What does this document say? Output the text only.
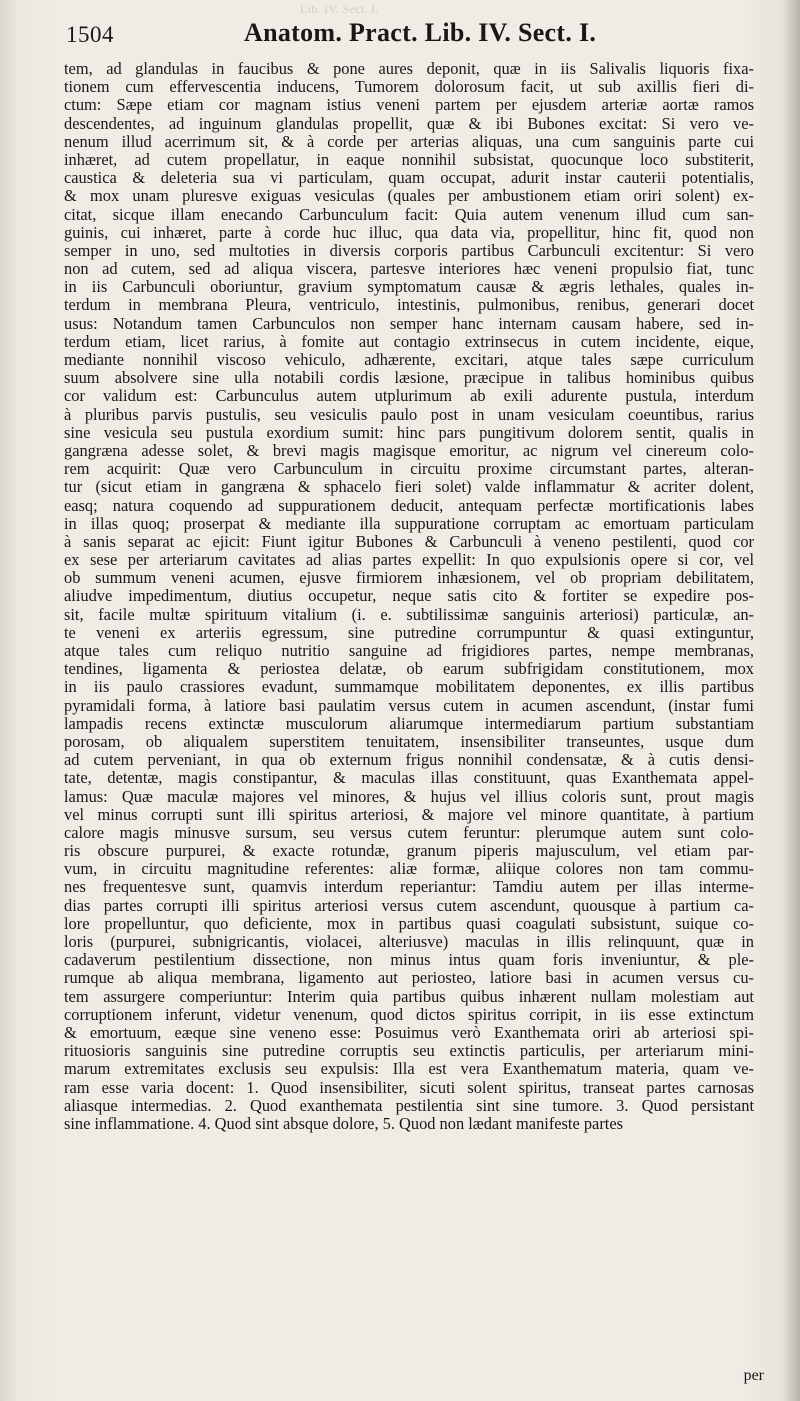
Lib. IV. Sect. I.
1504	Anatom. Pract. Lib. IV. Sect. I.
tem, ad glandulas in faucibus & pone aures deponit, quæ in iis Salivalis liquoris fixa-
tionem cum effervescentia inducens, Tumorem dolorosum facit, ut sub axillis fieri di-
ctum: Sæpe etiam cor magnam istius veneni partem per ejusdem arteriæ aortæ ramos
descendentes, ad inguinum glandulas propellit, quæ & ibi Bubones excitat: Si vero ve-
nenum illud acerrimum sit, & à corde per arterias aliquas, una cum sanguinis parte cui
inhæret, ad cutem propellatur, in eaque nonnihil subsistat, quocunque loco substiterit,
caustica & deleteria sua vi particulam, quam occupat, adurit instar cauterii potentialis,
& mox unam pluresve exiguas vesiculas (quales per ambustionem etiam oriri solent) ex-
citat, sicque illam enecando Carbunculum facit: Quia autem venenum illud cum san-
guinis, cui inhæret, parte à corde huc illuc, qua data via, propellitur, hinc fit, quod non
semper in uno, sed multoties in diversis corporis partibus Carbunculi excitentur: Si vero
non ad cutem, sed ad aliqua viscera, partesve interiores hæc veneni propulsio fiat, tunc
in iis Carbunculi oboriuntur, gravium symptomatum causæ & ægris lethales, quales in-
terdum in membrana Pleura, ventriculo, intestinis, pulmonibus, renibus, generari docet
usus: Notandum tamen Carbunculos non semper hanc internam causam habere, sed in-
terdum etiam, licet rarius, à fomite aut contagio extrinsecus in cutem incidente, eique,
mediante nonnihil viscoso vehiculo, adhærente, excitari, atque tales sæpe curriculum
suum absolvere sine ulla notabili cordis læsione, præcipue in talibus hominibus quibus
cor validum est: Carbunculus autem utplurimum ab exili adurente pustula, interdum
à pluribus parvis pustulis, seu vesiculis paulo post in unam vesiculam coeuntibus, rarius
sine vesicula seu pustula exordium sumit: hinc pars pungitivum dolorem sentit, qualis in
gangræna adesse solet, & brevi magis magisque emoritur, ac nigrum vel cinereum colo-
rem acquirit: Quæ vero Carbunculum in circuitu proxime circumstant partes, alteran-
tur (sicut etiam in gangræna & sphacelo fieri solet) valde inflammatur & acriter dolent,
easq; natura coquendo ad suppurationem deducit, antequam perfectæ mortificationis labes
in illas quoq; proserpat & mediante illa suppuratione corruptam ac emortuam particulam
à sanis separat ac ejicit: Fiunt igitur Bubones & Carbunculi à veneno pestilenti, quod cor
ex sese per arteriarum cavitates ad alias partes expellit: In quo expulsionis opere si cor, vel
ob summum veneni acumen, ejusve firmiorem inhæsionem, vel ob propriam debilitatem,
aliudve impedimentum, diutius occupetur, neque satis cito & fortiter se expedire pos-
sit, facile multæ spirituum vitalium (i. e. subtilissimæ sanguinis arteriosi) particulæ, an-
te veneni ex arteriis egressum, sine putredine corrumpuntur & quasi extinguntur,
atque tales cum reliquo nutritio sanguine ad frigidiores partes, nempe membranas,
tendines, ligamenta & periostea delatæ, ob earum subfrigidam constitutionem, mox
in iis paulo crassiores evadunt, summamque mobilitatem deponentes, ex illis partibus
pyramidali forma, à latiore basi paulatim versus cutem in acumen ascendunt, (instar fumi
lampadis recens extinctæ musculorum aliarumque intermediarum partium substantiam
porosam, ob aliqualem superstitem tenuitatem, insensibiliter transeuntes, usque dum
ad cutem perveniant, in qua ob externum frigus nonnihil condensatæ, & à cutis densi-
tate, detentæ, magis constipantur, & maculas illas constituunt, quas Exanthemata appel-
lamus: Quæ maculæ majores vel minores, & hujus vel illius coloris sunt, prout magis
vel minus corrupti sunt illi spiritus arteriosi, & majore vel minore quantitate, à partium
calore magis minusve sursum, seu versus cutem feruntur: plerumque autem sunt colo-
ris obscure purpurei, & exacte rotundæ, granum piperis majusculum, vel etiam par-
vum, in circuitu magnitudine referentes: aliæ formæ, aliique colores non tam commu-
nes frequentesve sunt, quamvis interdum reperiantur: Tamdiu autem per illas interme-
dias partes corrupti illi spiritus arteriosi versus cutem ascendunt, quousque à partium ca-
lore propelluntur, quo deficiente, mox in partibus quasi coagulati subsistunt, suique co-
loris (purpurei, subnigricantis, violacei, alteriusve) maculas in illis relinquunt, quæ in
cadaverum pestilentium dissectione, non minus intus quam foris inveniuntur, & ple-
rumque ab aliqua membrana, ligamento aut periosteo, latiore basi in acumen versus cu-
tem assurgere comperiuntur: Interim quia partibus quibus inhærent nullam molestiam aut
corruptionem inferunt, videtur venenum, quod dictos spiritus corripit, in iis esse extinctum
& emortuum, eæque sine veneno esse: Posuimus verò Exanthemata oriri ab arteriosi spi-
rituosioris sanguinis sine putredine corruptis seu extinctis particulis, per arteriarum mini-
marum extremitates exclusis seu expulsis: Illa est vera Exanthematum materia, quam ve-
ram esse varia docent: 1. Quod insensibiliter, sicuti solent spiritus, transeat partes carnosas
aliasque intermedias. 2. Quod exanthemata pestilentia sint sine tumore. 3. Quod persistant
sine inflammatione. 4. Quod sint absque dolore, 5. Quod non lædant manifeste partes
per
